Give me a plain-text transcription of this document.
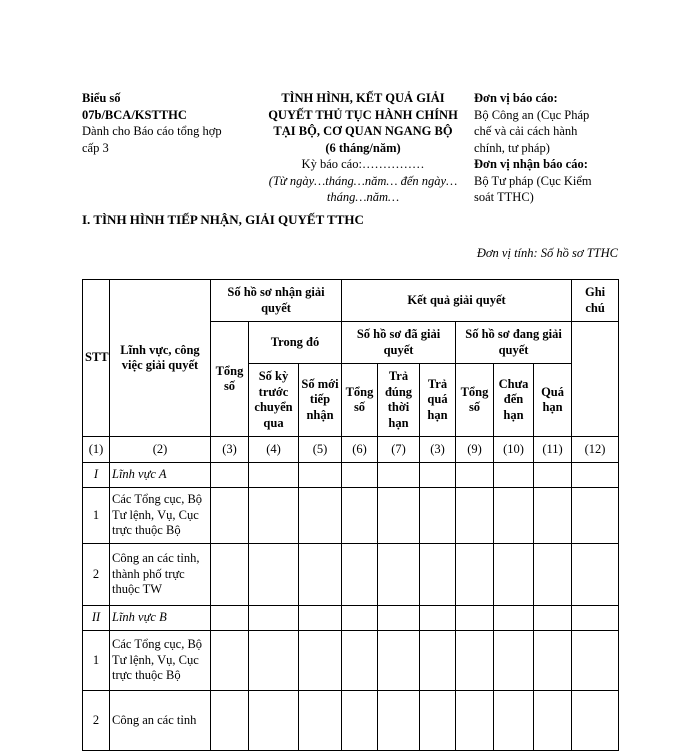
Biểu số
07b/BCA/KSTTHC
Dành cho Báo cáo tổng hợp
cấp 3
TÌNH HÌNH, KẾT QUẢ GIẢI
QUYẾT THỦ TỤC HÀNH CHÍNH
TẠI BỘ, CƠ QUAN NGANG BỘ
(6 tháng/năm)
Kỳ báo cáo:……………
(Từ ngày…tháng…năm… đến ngày…
tháng…năm…
Đơn vị báo cáo:
Bộ Công an (Cục Pháp
chế và cải cách hành
chính, tư pháp)
Đơn vị nhận báo cáo:
Bộ Tư pháp (Cục Kiểm
soát TTHC)
I. TÌNH HÌNH TIẾP NHẬN, GIẢI QUYẾT TTHC
Đơn vị tính: Số hồ sơ TTHC
STT	Lĩnh vực, công việc giải quyết	Số hồ sơ nhận giải quyết			Kết quả giải quyết						Ghi chú
		Tổng số	Trong đó		Số hồ sơ đã giải quyết			Số hồ sơ đang giải quyết			
			Số kỳ trước chuyển qua	Số mới tiếp nhận	Tổng số	Trả đúng thời hạn	Trả quá hạn	Tổng số	Chưa đến hạn	Quá hạn	
(1)	(2)	(3)	(4)	(5)	(6)	(7)	(3)	(9)	(10)	(11)	(12)
I	Lĩnh vực A										
1	Các Tổng cục, Bộ Tư lệnh, Vụ, Cục trực thuộc Bộ										
2	Công an các tỉnh, thành phố trực thuộc TW										
II	Lĩnh vực B										
1	Các Tổng cục, Bộ Tư lệnh, Vụ, Cục trực thuộc Bộ										
2	Công an các tỉnh										
